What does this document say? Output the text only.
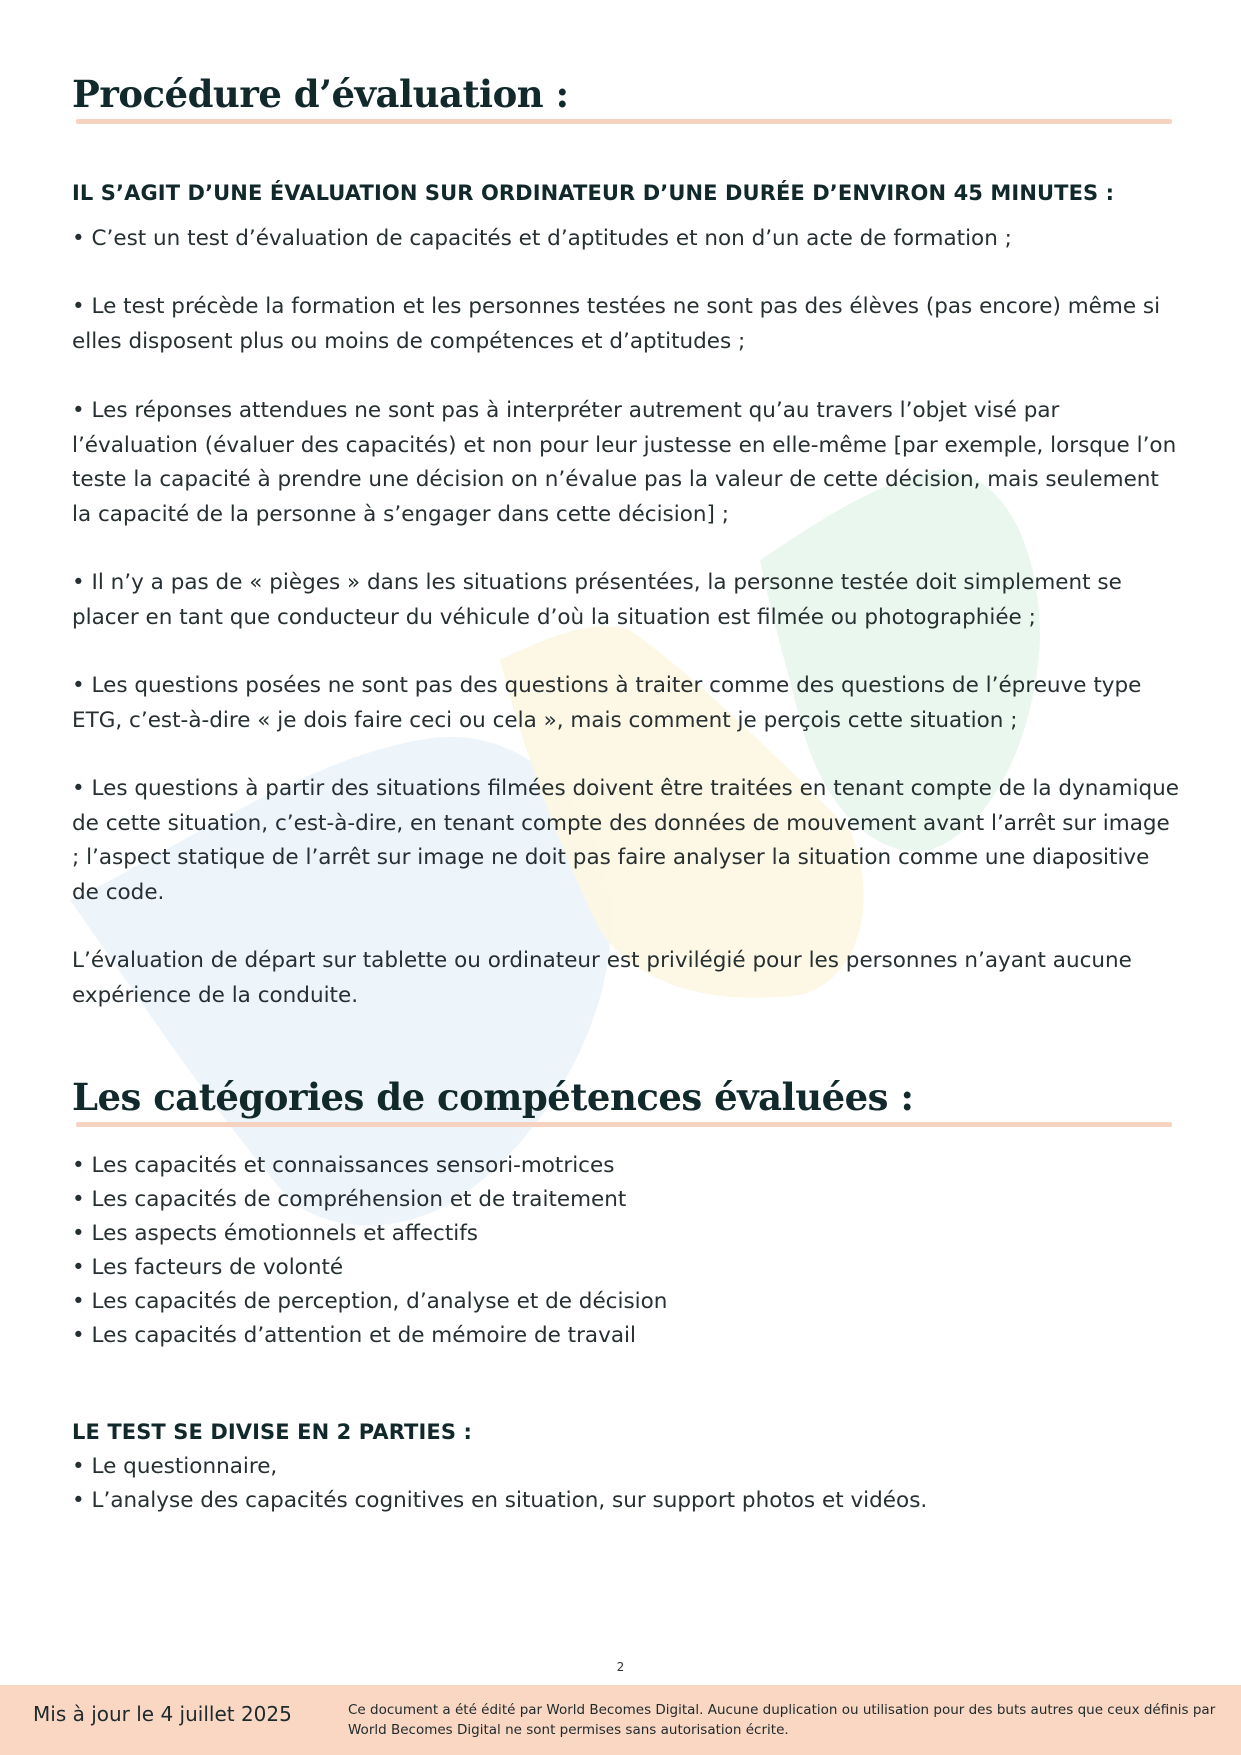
Procédure d’évaluation :
IL S’AGIT D’UNE ÉVALUATION SUR ORDINATEUR D’UNE DURÉE D’ENVIRON 45 MINUTES :

• C’est un test d’évaluation de capacités et d’aptitudes et non d’un acte de formation ;

• Le test précède la formation et les personnes testées ne sont pas des élèves (pas encore) même si elles disposent plus ou moins de compétences et d’aptitudes ;

• Les réponses attendues ne sont pas à interpréter autrement qu’au travers l’objet visé par l’évaluation (évaluer des capacités) et non pour leur justesse en elle-même [par exemple, lorsque l’on teste la capacité à prendre une décision on n’évalue pas la valeur de cette décision, mais seulement la capacité de la personne à s’engager dans cette décision] ;

• Il n’y a pas de « pièges » dans les situations présentées, la personne testée doit simplement se placer en tant que conducteur du véhicule d’où la situation est filmée ou photographiée ;

• Les questions posées ne sont pas des questions à traiter comme des questions de l’épreuve type ETG, c’est-à-dire « je dois faire ceci ou cela », mais comment je perçois cette situation ;

• Les questions à partir des situations filmées doivent être traitées en tenant compte de la dynamique de cette situation, c’est-à-dire, en tenant compte des données de mouvement avant l’arrêt sur image ; l’aspect statique de l’arrêt sur image ne doit pas faire analyser la situation comme une diapositive de code.

L’évaluation de départ sur tablette ou ordinateur est privilégié pour les personnes n’ayant aucune expérience de la conduite.

Les catégories de compétences évaluées :
• Les capacités et connaissances sensori-motrices
• Les capacités de compréhension et de traitement
• Les aspects émotionnels et affectifs
• Les facteurs de volonté
• Les capacités de perception, d’analyse et de décision
• Les capacités d’attention et de mémoire de travail
LE TEST SE DIVISE EN 2 PARTIES :
• Le questionnaire,
• L’analyse des capacités cognitives en situation, sur support photos et vidéos.
2
Mis à jour le 4 juillet 2025	Ce document a été édité par World Becomes Digital. Aucune duplication ou utilisation pour des buts autres que ceux définis par World Becomes Digital ne sont permises sans autorisation écrite.
